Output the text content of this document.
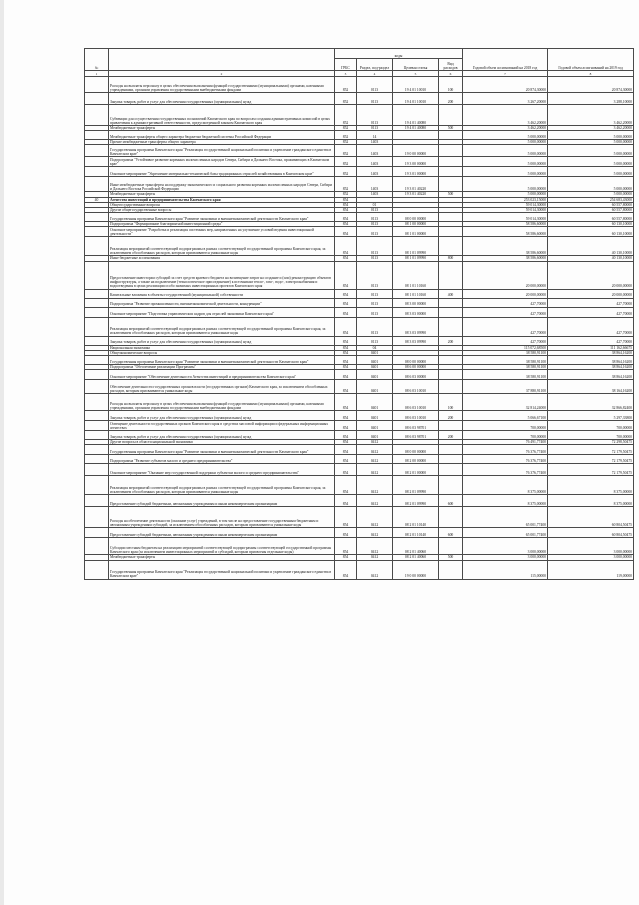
№		коды				Годовой объем ассигнований на 2018 год	Годовой объем ассигнований на 2019 год
		ГРБС	Раздел, под-раздел	Целевая статья	Вид расходов		
1	2	3	4	5	6	7	8
	Расходы на выплаты персоналу в целях обеспечения выполнения функций государственными (муниципальными) органами, казенными учреждениями, органами управления государственными внебюджетными фондами	852	0113	19 4 01 10010	100	20 874,30000	20 874,30000
	Закупка товаров, работ и услуг для обеспечения государственных (муниципальных) нужд	852	0113	19 4 01 10010	200	3 267,20000	3 288,10000
	Субвенции для осуществления государственных полномочий Камчатского края по вопросам создания административных комиссий в целях привлечения к административной ответственности, предусмотренной законом Камчатского края	852	0113	19 4 01 40080		3 462,20000	3 462,20000
	Межбюджетные трансферты	852	0113	19 4 01 40080	500	3 462,20000	3 462,20000
	Межбюджетные трансферты общего характера бюджетам бюджетной системы Российской Федерации	852	14			5 000,00000	5 000,00000
	Прочие межбюджетные трансферты общего характера	852	1403			5 000,00000	5 000,00000
	Государственная программа Камчатского края "Реализация государственной национальной политики и укрепление гражданского единства в Камчатском крае"	852	1403	19 0 00 00000		5 000,00000	5 000,00000
	Подпрограмма "Устойчивое развитие коренных малочисленных народов Севера, Сибири и Дальнего Востока, проживающих в Камчатском крае"	852	1403	19 3 00 00000		5 000,00000	5 000,00000
	Основное мероприятие "Укрепление материально-технической базы традиционных отраслей хозяйствования в Камчатском крае"	852	1403	19 3 01 00000		5 000,00000	5 000,00000
	Иные межбюджетные трансферты на поддержку экономического и социального развития коренных малочисленных народов Севера, Сибири и Дальнего Востока Российской Федерации	852	1403	19 3 01 40220		5 000,00000	5 000,00000
	Межбюджетные трансферты	852	1403	19 3 01 40220	500	5 000,00000	5 000,00000
40	Агентство инвестиций и предпринимательства Камчатского края	854				253 023,15000	254 683,43000
	Общегосударственные вопросы	854	01			59 014,30000	60 557,80000
	Другие общегосударственные вопросы	854	0113			59 014,30000	60 557,80000
	Государственная программа Камчатского края "Развитие экономики и внешнеэкономической деятельности Камчатского края"	854	0113	08 0 00 00000		59 014,30000	60 557,80000
	Подпрограмма "Формирование благоприятной инвестиционной среды"	854	0113	08 1 00 00000		58 586,60000	60 130,10000
	Основное мероприятие "Разработка и реализация системных мер, направленных на улучшение условий ведения инвестиционной деятельности"	854	0113	08 1 01 00000		58 586,60000	60 130,10000
	Реализация мероприятий соответствующей подпрограммы в рамках соответствующей государственной программы Камчатского края, за исключением обособленных расходов, которым присваиваются уникальные коды	854	0113	08 1 01 09990		38 586,60000	40 130,10000
	Иные бюджетные ассигнования	854	0113	08 1 01 09990	800	38 586,60000	40 130,10000
	Предоставление инвесторам субсидий за счет средств краевого бюджета на возмещение затрат на создание и (или) реконструкцию объектов инфраструктуры, а также на подключение (технологическое присоединение) к источникам тепло-, газо-, водо-, электроснабжения и водоотведения в целях реализации особо значимых инвестиционных проектов Камчатского края	854	0113	08 1 01 10160		20 000,00000	20 000,00000
	Капитальные вложения в объекты государственной (муниципальной) собственности	854	0113	08 1 01 10160	400	20 000,00000	20 000,00000
	Подпрограмма "Развитие промышленности, внешнеэкономической деятельности, конкуренции"	854	0113	08 3 00 00000		427,70000	427,70000
	Основное мероприятие "Подготовка управленческих кадров для отраслей экономики Камчатского края"	854	0113	08 3 03 00000		427,70000	427,70000
	Реализация мероприятий соответствующей подпрограммы в рамках соответствующей государственной программы Камчатского края, за исключением обособленных расходов, которым присваиваются уникальные коды	854	0113	08 3 03 09990		427,70000	427,70000
	Закупка товаров, работ и услуг для обеспечения государственных (муниципальных) нужд	854	0113	08 3 03 09990	200	427,70000	427,70000
	Национальная экономика	854	04			115 072,68500	111 162,66675
	Общеэкономические вопросы	854	0401			38 580,91100	38 864,16200
	Государственная программа Камчатского края "Развитие экономики и внешнеэкономической деятельности Камчатского края"	854	0401	08 0 00 00000		38 580,91100	38 864,16200
	Подпрограмма "Обеспечение реализации Программы"	854	0401	08 6 00 00000		38 580,91100	38 864,16200
	Основное мероприятие "Обеспечение деятельности Агентства инвестиций и предпринимательства Камчатского края"	854	0401	08 6 03 00000		38 580,91100	38 864,16200
	Обеспечение деятельности государственных органов власти (государственных органов) Камчатского края, за исключением обособленных расходов, которым присваиваются уникальные коды	854	0401	08 6 03 10010		37 880,91100	38 164,16200
	Расходы на выплаты персоналу в целях обеспечения выполнения функций государственными (муниципальными) органами, казенными учреждениями, органами управления государственными внебюджетными фондами	854	0401	08 6 03 10010	100	32 814,24000	32 866,82400
	Закупка товаров, работ и услуг для обеспечения государственных (муниципальных) нужд	854	0401	08 6 03 10010	200	5 066,67100	5 297,33800
	Освещение деятельности государственных органов Камчатского края в средствах массовой информации и федеральных информационных агентствах	854	0401	08 6 03 98701		700,00000	700,00000
	Закупка товаров, работ и услуг для обеспечения государственных (муниципальных) нужд	854	0401	08 6 03 98701	200	700,00000	700,00000
	Другие вопросы в области национальной экономики	854	0412			76 491,77400	72 298,50475
	Государственная программа Камчатского края "Развитие экономики и внешнеэкономической деятельности Камчатского края"	854	0412	08 0 00 00000		76 376,77400	72 179,50475
	Подпрограмма "Развитие субъектов малого и среднего предпринимательства"	854	0412	08 2 00 00000		76 376,77400	72 179,50475
	Основное мероприятие "Оказание мер государственной поддержки субъектам малого и среднего предпринимательства"	854	0412	08 2 01 00000		76 376,77400	72 179,50475
	Реализация мероприятий соответствующей подпрограммы в рамках соответствующей государственной программы Камчатского края, за исключением обособленных расходов, которым присваиваются уникальные коды	854	0412	08 2 01 09990		8 375,00000	8 375,00000
	Предоставление субсидий бюджетным, автономным учреждениям и иным некоммерческим организациям	854	0412	08 2 01 09990	600	8 375,00000	8 375,00000
	Расходы на обеспечение деятельности (оказание услуг) учреждений, в том числе на предоставление государственным бюджетным и автономным учреждениям субсидий, за исключением обособленных расходов, которым присваиваются уникальные коды	854	0412	08 2 01 10140		65 001,77400	60 804,50475
	Предоставление субсидий бюджетным, автономным учреждениям и иным некоммерческим организациям	854	0412	08 2 01 10140	600	65 001,77400	60 804,50475
	Субсидии местным бюджетам на реализацию мероприятий соответствующей подпрограммы соответствующей государственной программы Камчатского края (за исключением инвестиционных мероприятий и субсидий, которым присвоены отдельные коды)	854	0412	08 2 01 40060		3 000,00000	3 000,00000
	Межбюджетные трансферты	854	0412	08 2 01 40060	500	3 000,00000	3 000,00000
	Государственная программа Камчатского края "Реализация государственной национальной политики и укрепление гражданского единства в Камчатском крае"	854	0412	19 0 00 00000		115,00000	119,00000
